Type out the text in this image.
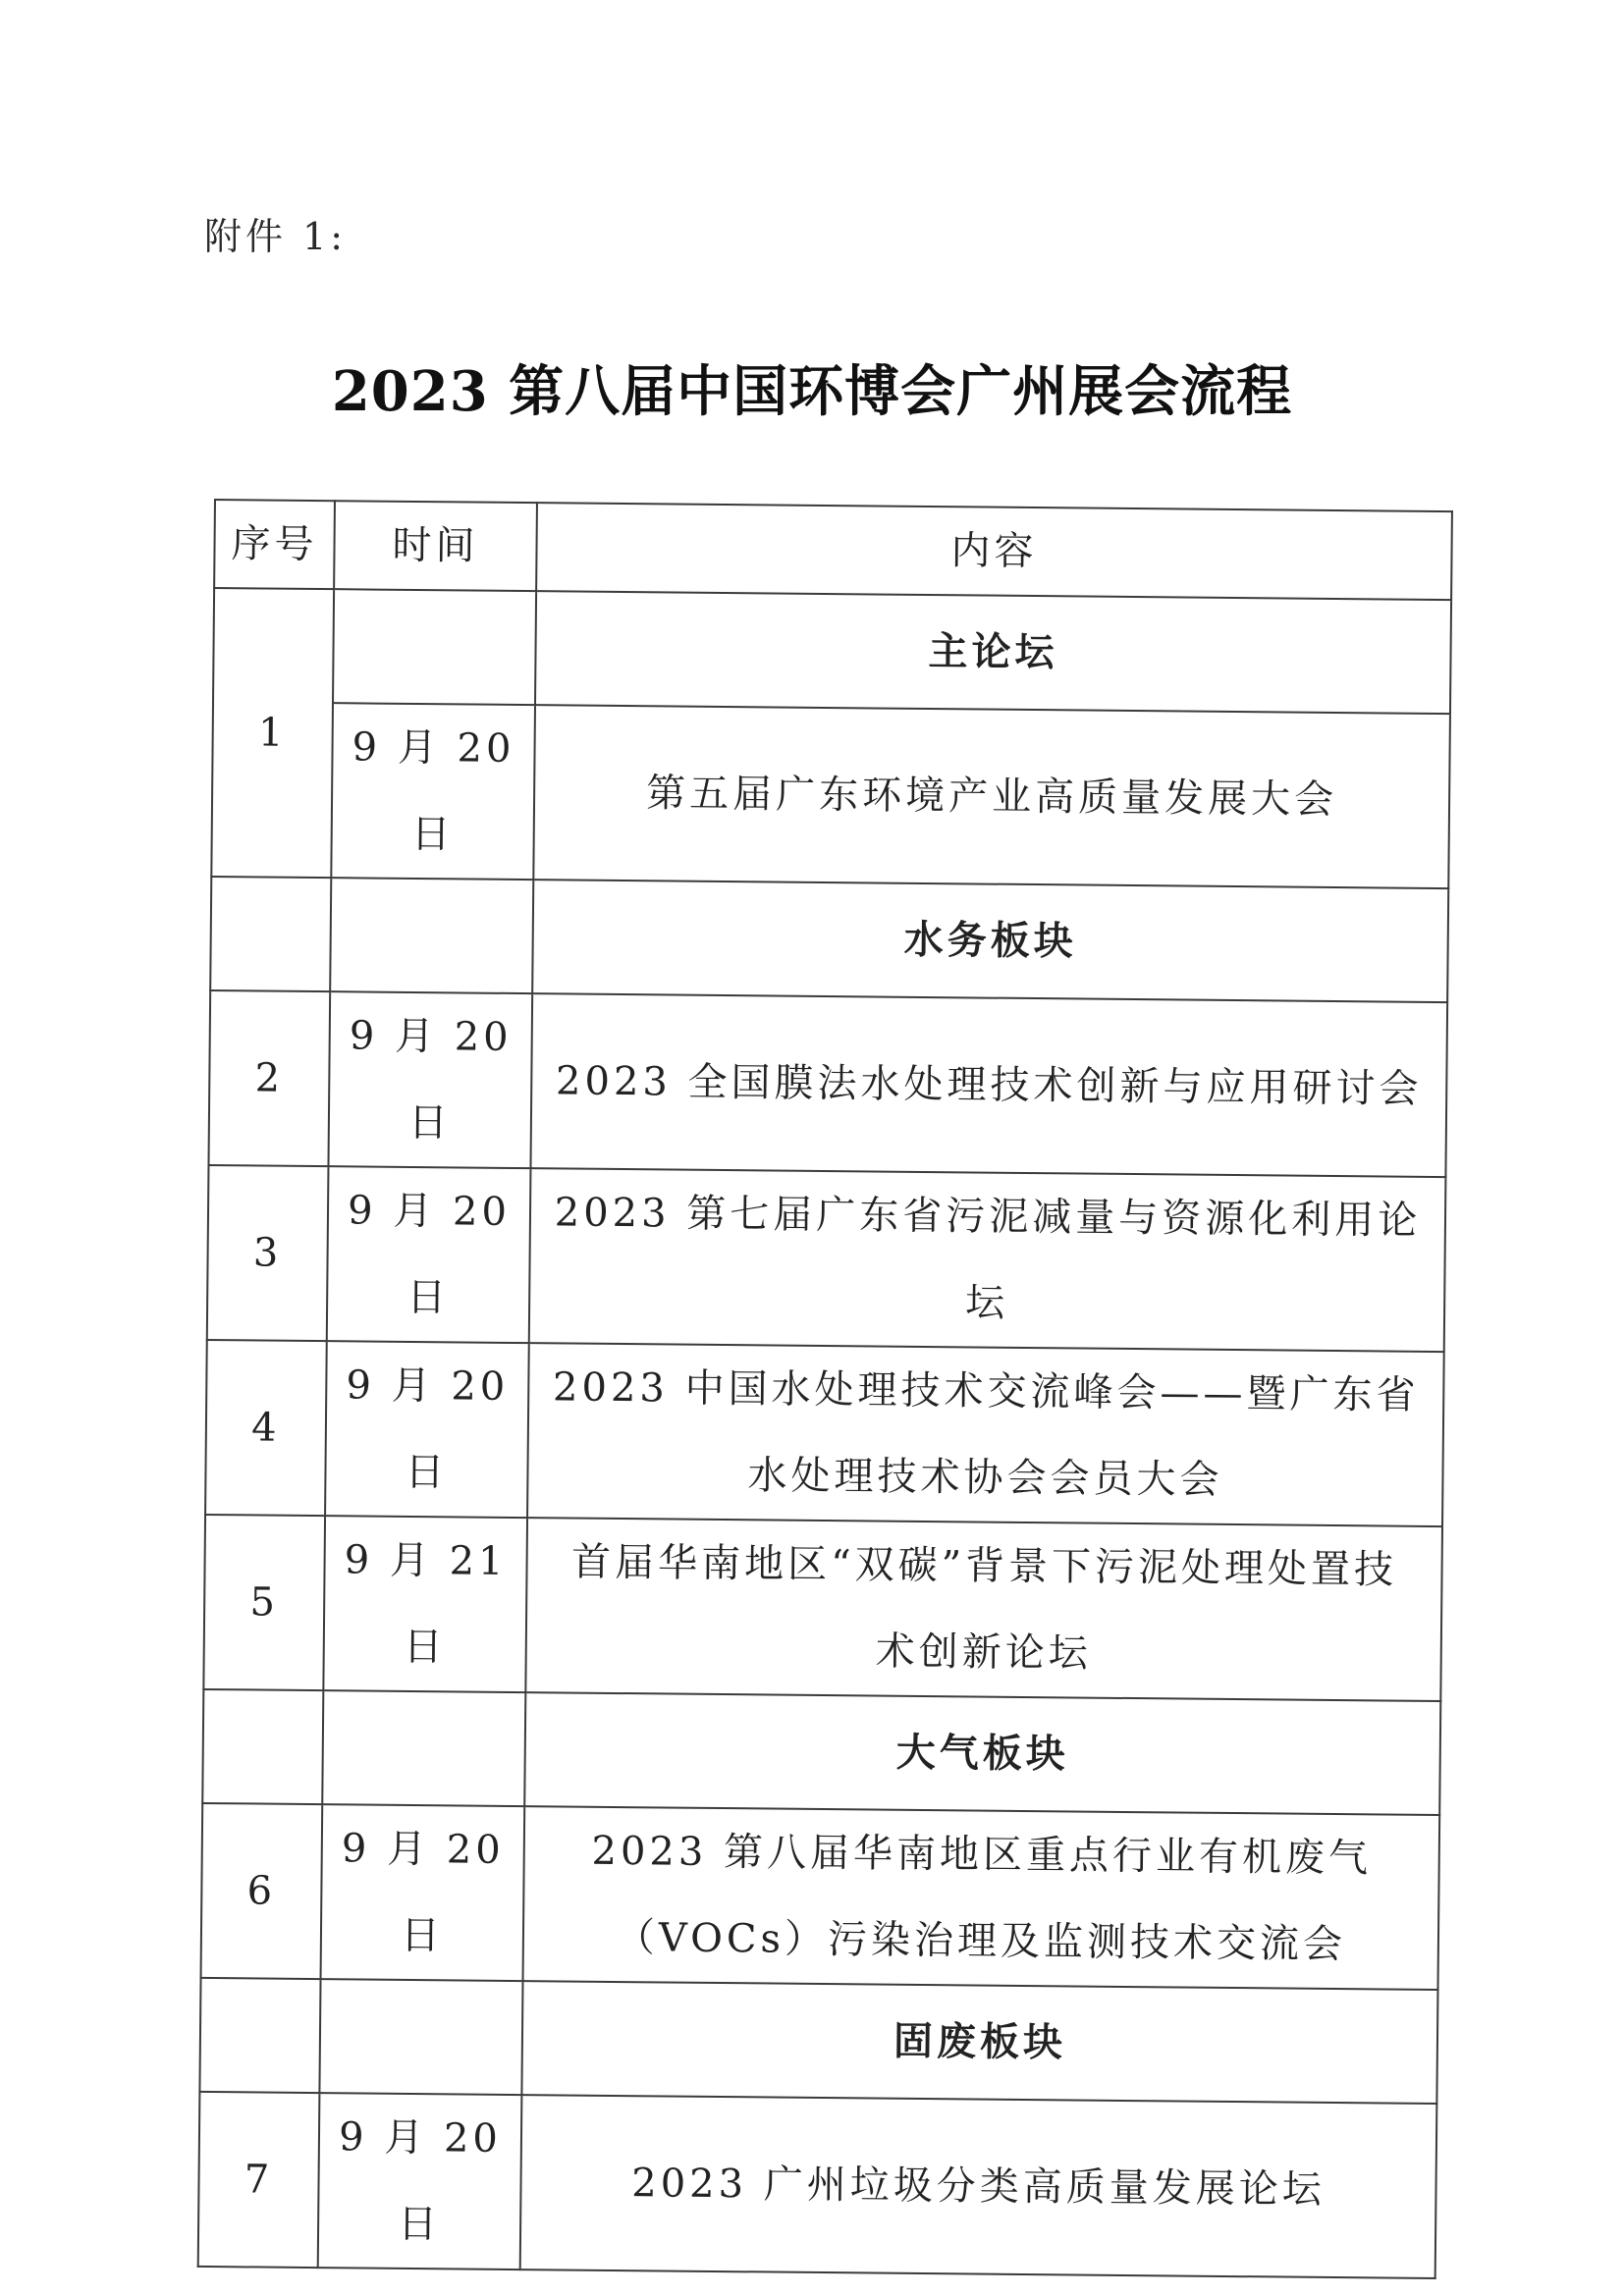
附件 1:
2023 第八届中国环博会广州展会流程
序号	时间	内容
1		主论坛
	9 月 20 日	第五届广东环境产业高质量发展大会
		水务板块
2	9 月 20 日	2023 全国膜法水处理技术创新与应用研讨会
3	9 月 20 日	2023 第七届广东省污泥减量与资源化利用论
坛

4	9 月 20 日	2023 中国水处理技术交流峰会——暨广东省
水处理技术协会会员大会

5	9 月 21 日	首届华南地区“双碳”背景下污泥处理处置技
术创新论坛

		大气板块
6	9 月 20 日	2023 第八届华南地区重点行业有机废气
（VOCs）污染治理及监测技术交流会

		固废板块
7	9 月 20 日	2023 广州垃圾分类高质量发展论坛
